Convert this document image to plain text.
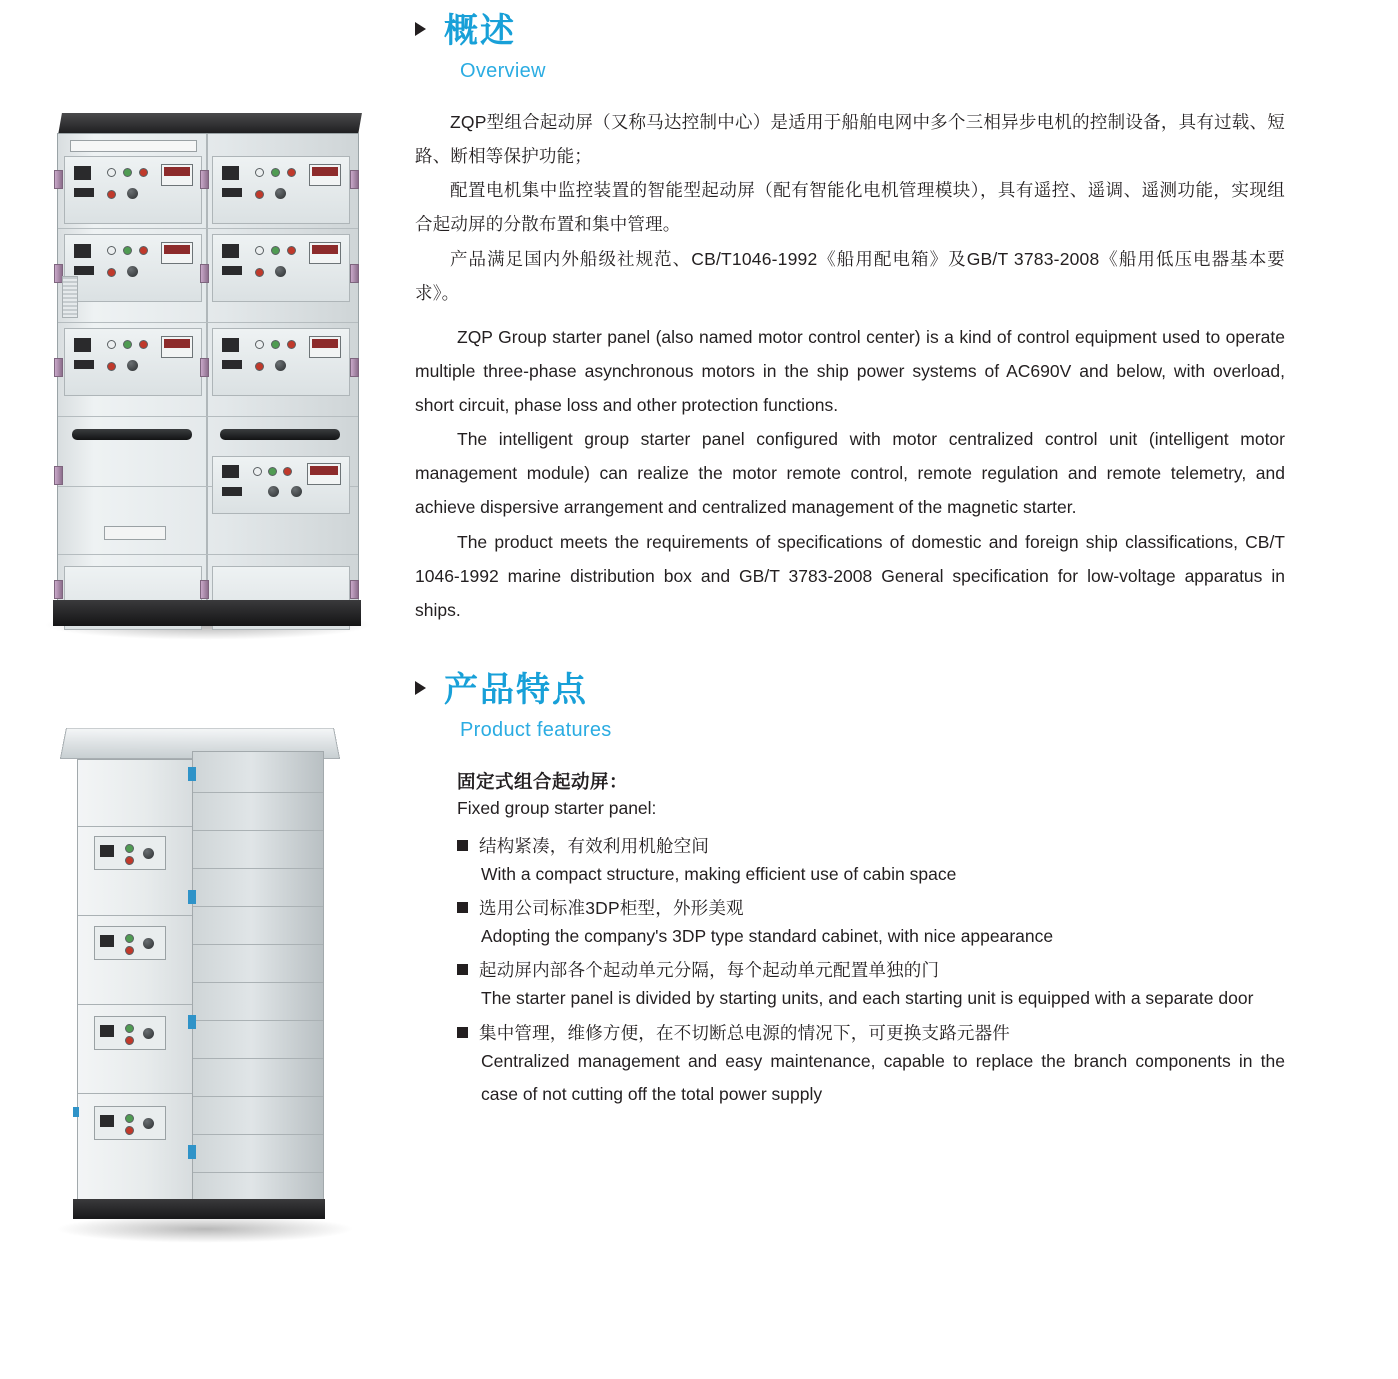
概述
Overview
ZQP型组合起动屏（又称马达控制中心）是适用于船舶电网中多个三相异步电机的控制设备，具有过载、短路、断相等保护功能；
配置电机集中监控装置的智能型起动屏（配有智能化电机管理模块），具有遥控、遥调、遥测功能，实现组合起动屏的分散布置和集中管理。
产品满足国内外船级社规范、CB/T1046-1992《船用配电箱》及GB/T 3783-2008《船用低压电器基本要求》。
ZQP Group starter panel (also named motor control center) is a kind of control equipment used to operate multiple three-phase asynchronous motors in the ship power systems of AC690V and below, with overload, short circuit, phase loss and other protection functions.
The intelligent group starter panel configured with motor centralized control unit (intelligent motor management module) can realize the motor remote control, remote regulation and remote telemetry, and achieve dispersive arrangement and centralized management of the magnetic starter.
The product meets the requirements of specifications of domestic and foreign ship classifications, CB/T 1046-1992 marine distribution box and GB/T 3783-2008 General specification for low-voltage apparatus in ships.
产品特点
Product features
固定式组合起动屏：
Fixed group starter panel:
结构紧凑，有效利用机舱空间
With a compact structure, making efficient use of cabin space
选用公司标准3DP柜型，外形美观
Adopting the company's 3DP type standard cabinet, with nice appearance
起动屏内部各个起动单元分隔，每个起动单元配置单独的门
The starter panel is divided by starting units, and each starting unit is equipped with a separate door
集中管理，维修方便，在不切断总电源的情况下，可更换支路元器件
Centralized management and easy maintenance, capable to replace the branch components in the case of not cutting off the total power supply
